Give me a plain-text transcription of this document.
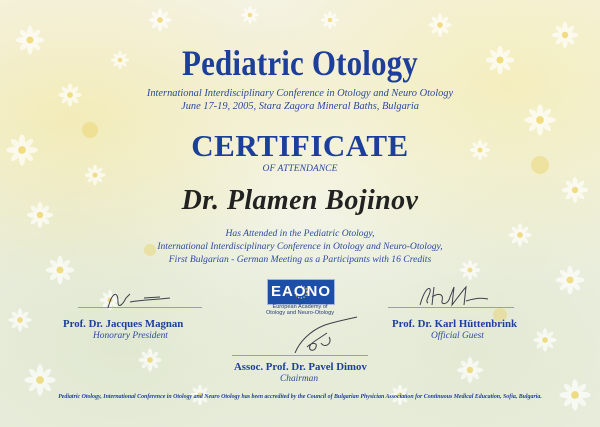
Pediatric Otology
International Interdisciplinary Conference in Otology and Neuro Otology
June 17-19, 2005, Stara Zagora Mineral Baths, Bulgaria
CERTIFICATE
OF ATTENDANCE
Dr. Plamen Bojinov
Has Attended in the Pediatric Otology,
International Interdisciplinary Conference in Otology and Neuro-Otology,
First Bulgarian - German Meeting as a Participants with 16 Credits
EAONO
European Academy of
Otology and Neuro-Otology
Prof. Dr. Jacques Magnan
Honorary President
Prof. Dr. Karl Hüttenbrink
Official Guest
Assoc. Prof. Dr. Pavel Dimov
Chairman
Pediatric Otology, International Conference in Otology and Neuro Otology has been accredited by the Council of Bulgarian Physician Association for Continuous Medical Education, Sofia, Bulgaria.
